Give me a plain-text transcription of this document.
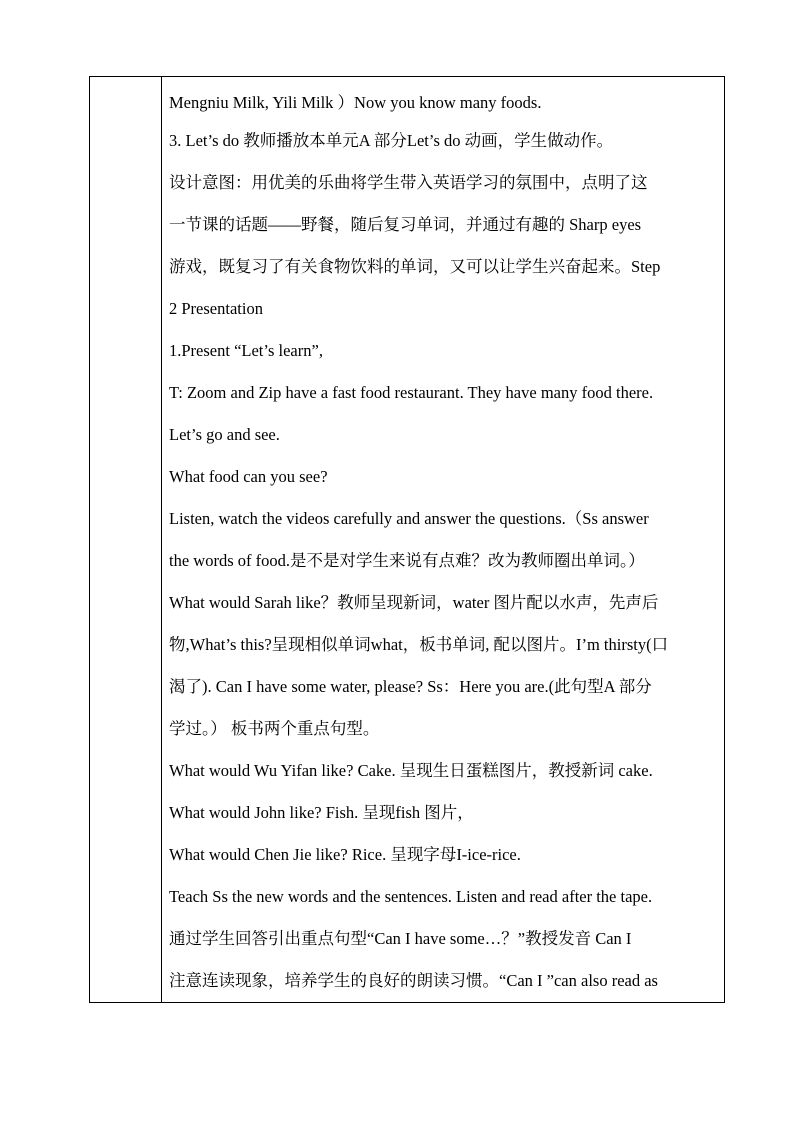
Mengniu Milk, Yili Milk ）Now you know many foods.
3. Let’s do 教师播放本单元A 部分Let’s do 动画，学生做动作。
设计意图：用优美的乐曲将学生带入英语学习的氛围中，点明了这
一节课的话题——野餐，随后复习单词，并通过有趣的 Sharp eyes
游戏，既复习了有关食物饮料的单词，又可以让学生兴奋起来。Step
2 Presentation
1.Present “Let’s learn”,
T: Zoom and Zip have a fast food restaurant. They have many food there.
Let’s go and see.
What food can you see?
Listen, watch the videos carefully and answer the questions.（Ss answer
the words of food.是不是对学生来说有点难？改为教师圈出单词。）
What would Sarah like？教师呈现新词，water 图片配以水声，先声后
物,What’s this?呈现相似单词what，板书单词, 配以图片。I’m thirsty(口
渴了). Can I have some water, please? Ss：Here you are.(此句型A 部分
学过。） 板书两个重点句型。
What would Wu Yifan like? Cake. 呈现生日蛋糕图片，教授新词 cake.
What would John like? Fish. 呈现fish 图片，
What would Chen Jie like? Rice. 呈现字母I-ice-rice.
Teach Ss the new words and the sentences. Listen and read after the tape.
通过学生回答引出重点句型“Can I have some…？”教授发音 Can I
注意连读现象，培养学生的良好的朗读习惯。“Can I ”can also read as
